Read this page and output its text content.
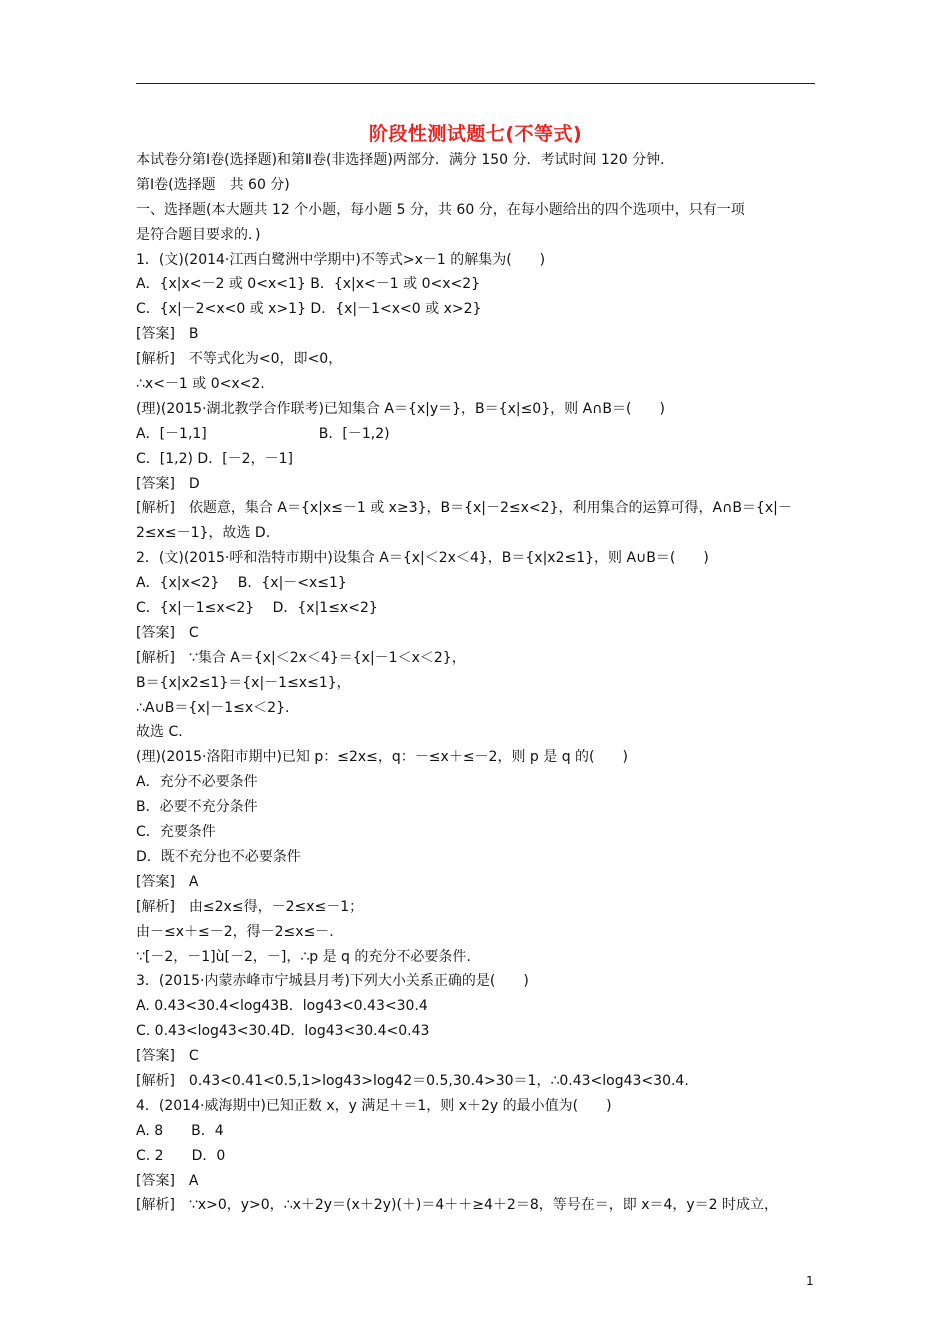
阶段性测试题七(不等式)
本试卷分第Ⅰ卷(选择题)和第Ⅱ卷(非选择题)两部分．满分 150 分．考试时间 120 分钟．
第Ⅰ卷(选择题　共 60 分)
一、选择题(本大题共 12 个小题，每小题 5 分，共 60 分，在每小题给出的四个选项中，只有一项
是符合题目要求的．)
1．(文)(2014·江西白鹭洲中学期中)不等式>x－1 的解集为(　　)
A．{x|x<－2 或 0<x<1} B．{x|x<－1 或 0<x<2}
C．{x|－2<x<0 或 x>1} D．{x|－1<x<0 或 x>2}
[答案]　B
[解析]　不等式化为<0，即<0，
∴x<－1 或 0<x<2.
(理)(2015·湖北教学合作联考)已知集合 A＝{x|y＝}，B＝{x|≤0}，则 A∩B＝(　　)
A．[－1,1]　　　　　　　　B．[－1,2)
C．[1,2) D．[－2，－1]
[答案]　D
[解析]　依题意，集合 A＝{x|x≤－1 或 x≥3}，B＝{x|－2≤x<2}，利用集合的运算可得，A∩B＝{x|－
2≤x≤－1}，故选 D.
2．(文)(2015·呼和浩特市期中)设集合 A＝{x|＜2x＜4}，B＝{x|x2≤1}，则 A∪B＝(　　)
A．{x|x<2}　 B．{x|－<x≤1}
C．{x|－1≤x<2}　 D．{x|1≤x<2}
[答案]　C
[解析]　∵集合 A＝{x|＜2x＜4}＝{x|－1＜x＜2}，
B＝{x|x2≤1}＝{x|－1≤x≤1}，
∴A∪B＝{x|－1≤x＜2}.
故选 C.
(理)(2015·洛阳市期中)已知 p：≤2x≤，q：－≤x＋≤－2，则 p 是 q 的(　　)
A．充分不必要条件
B．必要不充分条件
C．充要条件
D．既不充分也不必要条件
[答案]　A
[解析]　由≤2x≤得，－2≤x≤－1；
由－≤x＋≤－2，得－2≤x≤－.
∵[－2，－1]ù[－2，－]，∴p 是 q 的充分不必要条件.
3．(2015·内蒙赤峰市宁城县月考)下列大小关系正确的是(　　)
A. 0.43<30.4<log43B．log43<0.43<30.4
C. 0.43<log43<30.4D．log43<30.4<0.43
[答案]　C
[解析]　0.43<0.41<0.5,1>log43>log42＝0.5,30.4>30＝1，∴0.43<log43<30.4.
4．(2014·威海期中)已知正数 x，y 满足＋＝1，则 x＋2y 的最小值为(　　)
A. 8　　B．4
C. 2　　D．0
[答案]　A
[解析]　∵x>0，y>0，∴x＋2y＝(x＋2y)(＋)＝4＋＋≥4＋2＝8，等号在＝，即 x＝4，y＝2 时成立，
1
